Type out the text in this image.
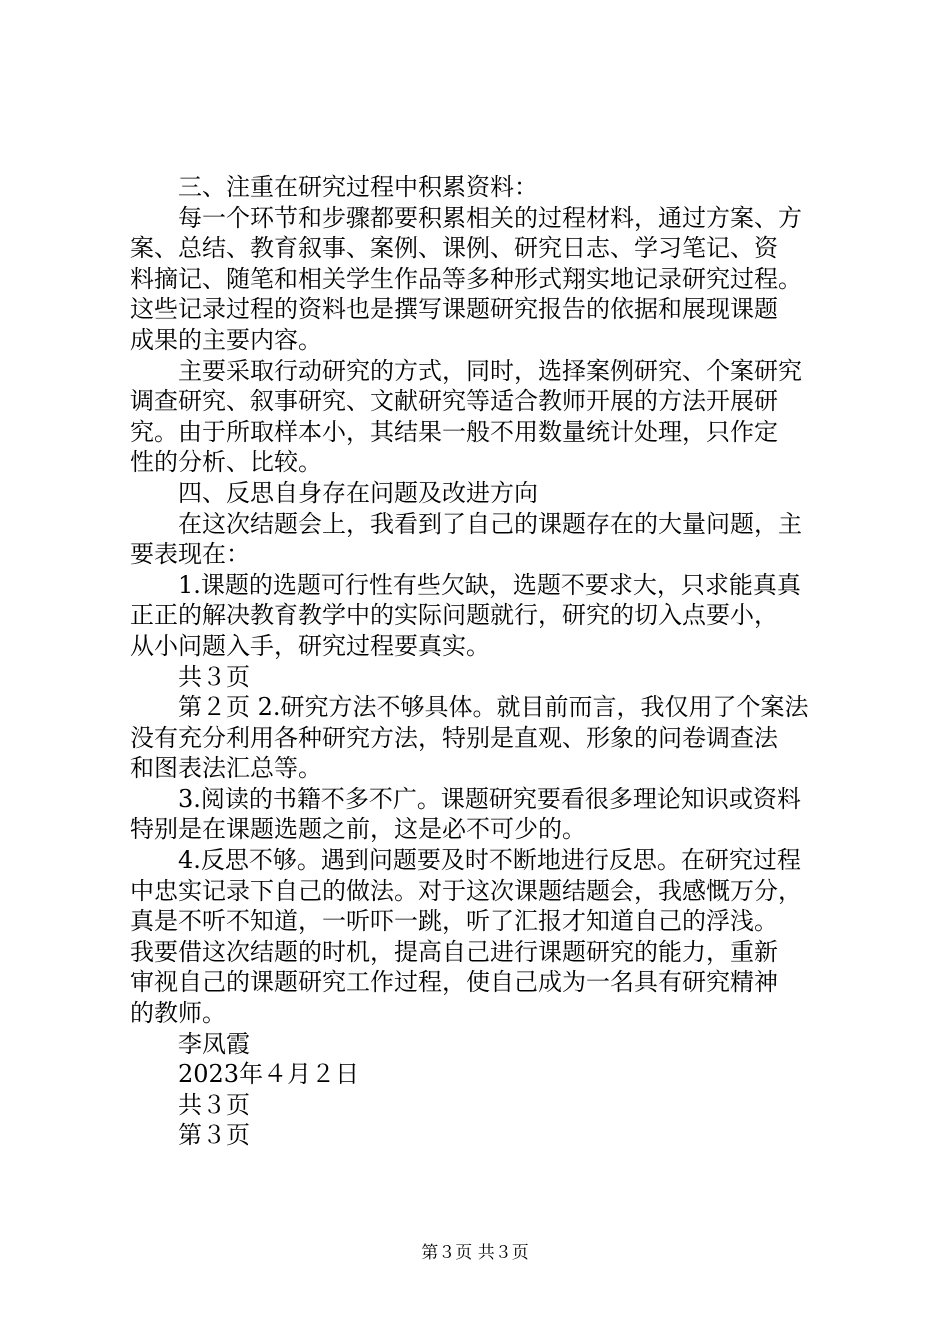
三、注重在研究过程中积累资料：
每一个环节和步骤都要积累相关的过程材料，通过方案、方
案、总结、教育叙事、案例、课例、研究日志、学习笔记、资
料摘记、随笔和相关学生作品等多种形式翔实地记录研究过程。
这些记录过程的资料也是撰写课题研究报告的依据和展现课题
成果的主要内容。
主要采取行动研究的方式，同时，选择案例研究、个案研究
调查研究、叙事研究、文献研究等适合教师开展的方法开展研
究。由于所取样本小，其结果一般不用数量统计处理，只作定
性的分析、比较。
四、反思自身存在问题及改进方向
在这次结题会上，我看到了自己的课题存在的大量问题，主
要表现在：
1.课题的选题可行性有些欠缺，选题不要求大，只求能真真
正正的解决教育教学中的实际问题就行，研究的切入点要小，
从小问题入手，研究过程要真实。
共３页
第２页 2.研究方法不够具体。就目前而言，我仅用了个案法
没有充分利用各种研究方法，特别是直观、形象的问卷调查法
和图表法汇总等。
3.阅读的书籍不多不广。课题研究要看很多理论知识或资料
特别是在课题选题之前，这是必不可少的。
4.反思不够。遇到问题要及时不断地进行反思。在研究过程
中忠实记录下自己的做法。对于这次课题结题会，我感慨万分，
真是不听不知道，一听吓一跳，听了汇报才知道自己的浮浅。
我要借这次结题的时机，提高自己进行课题研究的能力，重新
审视自己的课题研究工作过程，使自己成为一名具有研究精神
的教师。
李凤霞
2023年４月２日
共３页
第３页
第３页 共３页
